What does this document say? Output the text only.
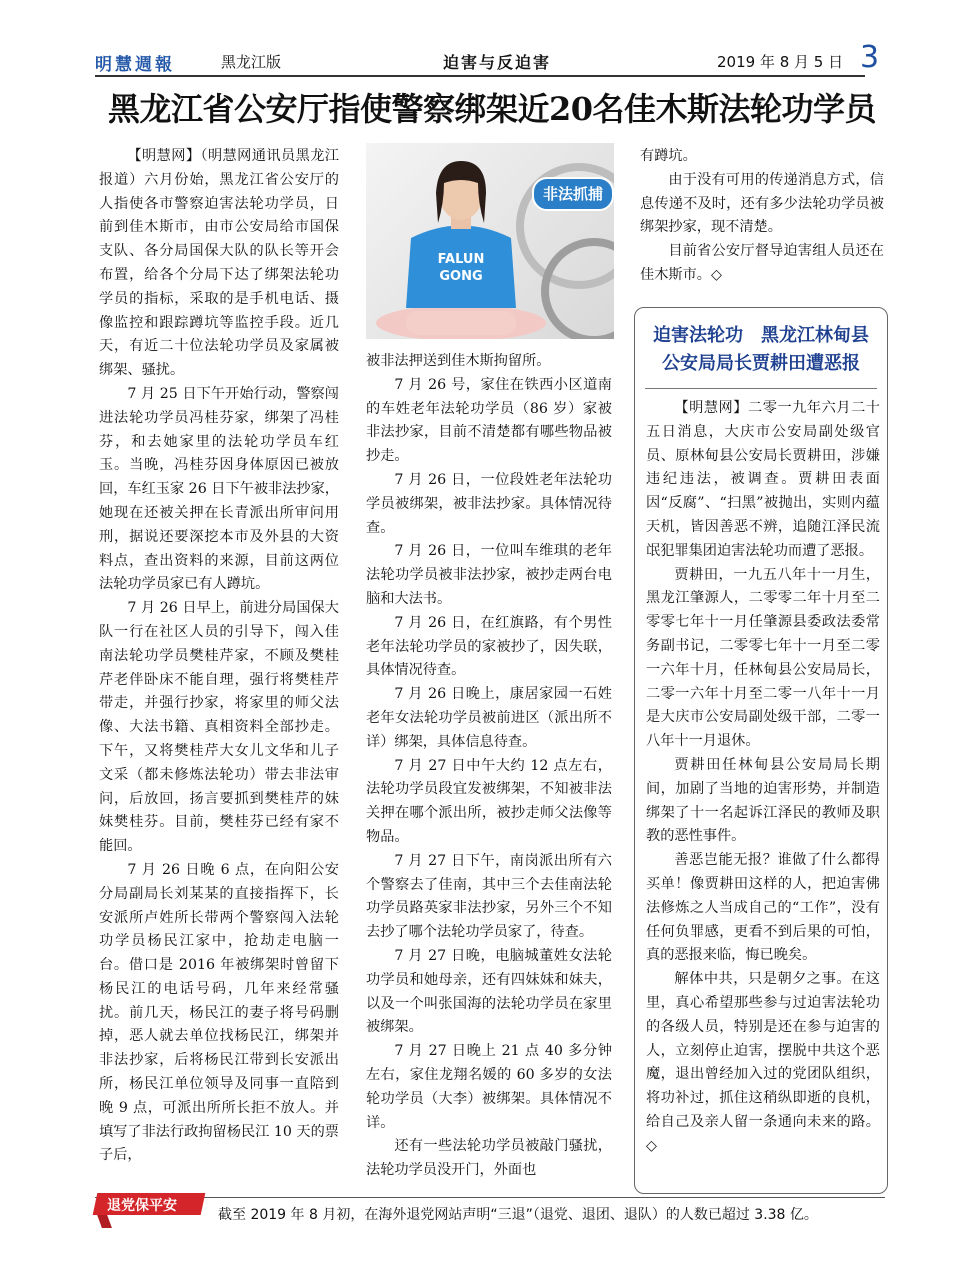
明慧週報	黑龙江版	迫害与反迫害	2019 年 8 月 5 日 3
黑龙江省公安厅指使警察绑架近20名佳木斯法轮功学员

【明慧网】（明慧网通讯员黑龙江报道）六月份始，黑龙江省公安厅的人指使各市警察迫害法轮功学员，日前到佳木斯市，由市公安局给市国保支队、各分局国保大队的队长等开会布置，给各个分局下达了绑架法轮功学员的指标，采取的是手机电话、摄像监控和跟踪蹲坑等监控手段。近几天，有近二十位法轮功学员及家属被绑架、骚扰。

7 月 25 日下午开始行动，警察闯进法轮功学员冯桂芬家，绑架了冯桂芬，和去她家里的法轮功学员车红玉。当晚，冯桂芬因身体原因已被放回，车红玉家 26 日下午被非法抄家，她现在还被关押在长青派出所审问用刑，据说还要深挖本市及外县的大资料点，查出资料的来源，目前这两位法轮功学员家已有人蹲坑。

7 月 26 日早上，前进分局国保大队一行在社区人员的引导下，闯入佳南法轮功学员樊桂芹家，不顾及樊桂芹老伴卧床不能自理，强行将樊桂芹带走，并强行抄家，将家里的师父法像、大法书籍、真相资料全部抄走。下午，又将樊桂芹大女儿文华和儿子文采（都未修炼法轮功）带去非法审问，后放回，扬言要抓到樊桂芹的妹妹樊桂芬。目前，樊桂芬已经有家不能回。

7 月 26 日晚 6 点，在向阳公安分局副局长刘某某的直接指挥下，长安派所卢姓所长带两个警察闯入法轮功学员杨民江家中，抢劫走电脑一台。借口是 2016 年被绑架时曾留下杨民江的电话号码，几年来经常骚扰。前几天，杨民江的妻子将号码删掉，恶人就去单位找杨民江，绑架并非法抄家，后将杨民江带到长安派出所，杨民江单位领导及同事一直陪到晚 9 点，可派出所所长拒不放人。并填写了非法行政拘留杨民江 10 天的票子后，

FALUN
GONG
非法抓捕

被非法押送到佳木斯拘留所。

7 月 26 号，家住在铁西小区道南的车姓老年法轮功学员（86 岁）家被非法抄家，目前不清楚都有哪些物品被抄走。

7 月 26 日，一位段姓老年法轮功学员被绑架，被非法抄家。具体情况待查。

7 月 26 日，一位叫车维琪的老年法轮功学员被非法抄家，被抄走两台电脑和大法书。

7 月 26 日，在红旗路，有个男性老年法轮功学员的家被抄了，因失联，具体情况待查。

7 月 26 日晚上，康居家园一石姓老年女法轮功学员被前进区（派出所不详）绑架，具体信息待查。

7 月 27 日中午大约 12 点左右，法轮功学员段宜发被绑架，不知被非法关押在哪个派出所，被抄走师父法像等物品。

7 月 27 日下午，南岗派出所有六个警察去了佳南，其中三个去佳南法轮功学员路英家非法抄家，另外三个不知去抄了哪个法轮功学员家了，待查。

7 月 27 日晚，电脑城董姓女法轮功学员和她母亲，还有四妹妹和妹夫，以及一个叫张国海的法轮功学员在家里被绑架。

7 月 27 日晚上 21 点 40 多分钟左右，家住龙翔名媛的 60 多岁的女法轮功学员（大李）被绑架。具体情况不详。

还有一些法轮功学员被敲门骚扰，法轮功学员没开门，外面也

有蹲坑。

由于没有可用的传递消息方式，信息传递不及时，还有多少法轮功学员被绑架抄家，现不清楚。

目前省公安厅督导迫害组人员还在佳木斯市。◇

迫害法轮功　黑龙江林甸县
公安局局长贾耕田遭恶报

【明慧网】二零一九年六月二十五日消息，大庆市公安局副处级官员、原林甸县公安局长贾耕田，涉嫌违纪违法，被调查。贾耕田表面因“反腐”、“扫黑”被抛出，实则内蕴天机，皆因善恶不辨，追随江泽民流氓犯罪集团迫害法轮功而遭了恶报。

贾耕田，一九五八年十一月生，黑龙江肇源人，二零零二年十月至二零零七年十一月任肇源县委政法委常务副书记，二零零七年十一月至二零一六年十月，任林甸县公安局局长，二零一六年十月至二零一八年十一月是大庆市公安局副处级干部，二零一八年十一月退休。

贾耕田任林甸县公安局局长期间，加剧了当地的迫害形势，并制造绑架了十一名起诉江泽民的教师及职教的恶性事件。

善恶岂能无报？谁做了什么都得买单！像贾耕田这样的人，把迫害佛法修炼之人当成自己的“工作”，没有任何负罪感，更看不到后果的可怕，真的恶报来临，悔已晚矣。

解体中共，只是朝夕之事。在这里，真心希望那些参与过迫害法轮功的各级人员，特别是还在参与迫害的人，立刻停止迫害，摆脱中共这个恶魔，退出曾经加入过的党团队组织，将功补过，抓住这稍纵即逝的良机，给自己及亲人留一条通向未来的路。◇

退党保平安
截至 2019 年 8 月初，在海外退党网站声明“三退”（退党、退团、退队）的人数已超过 3.38 亿。
